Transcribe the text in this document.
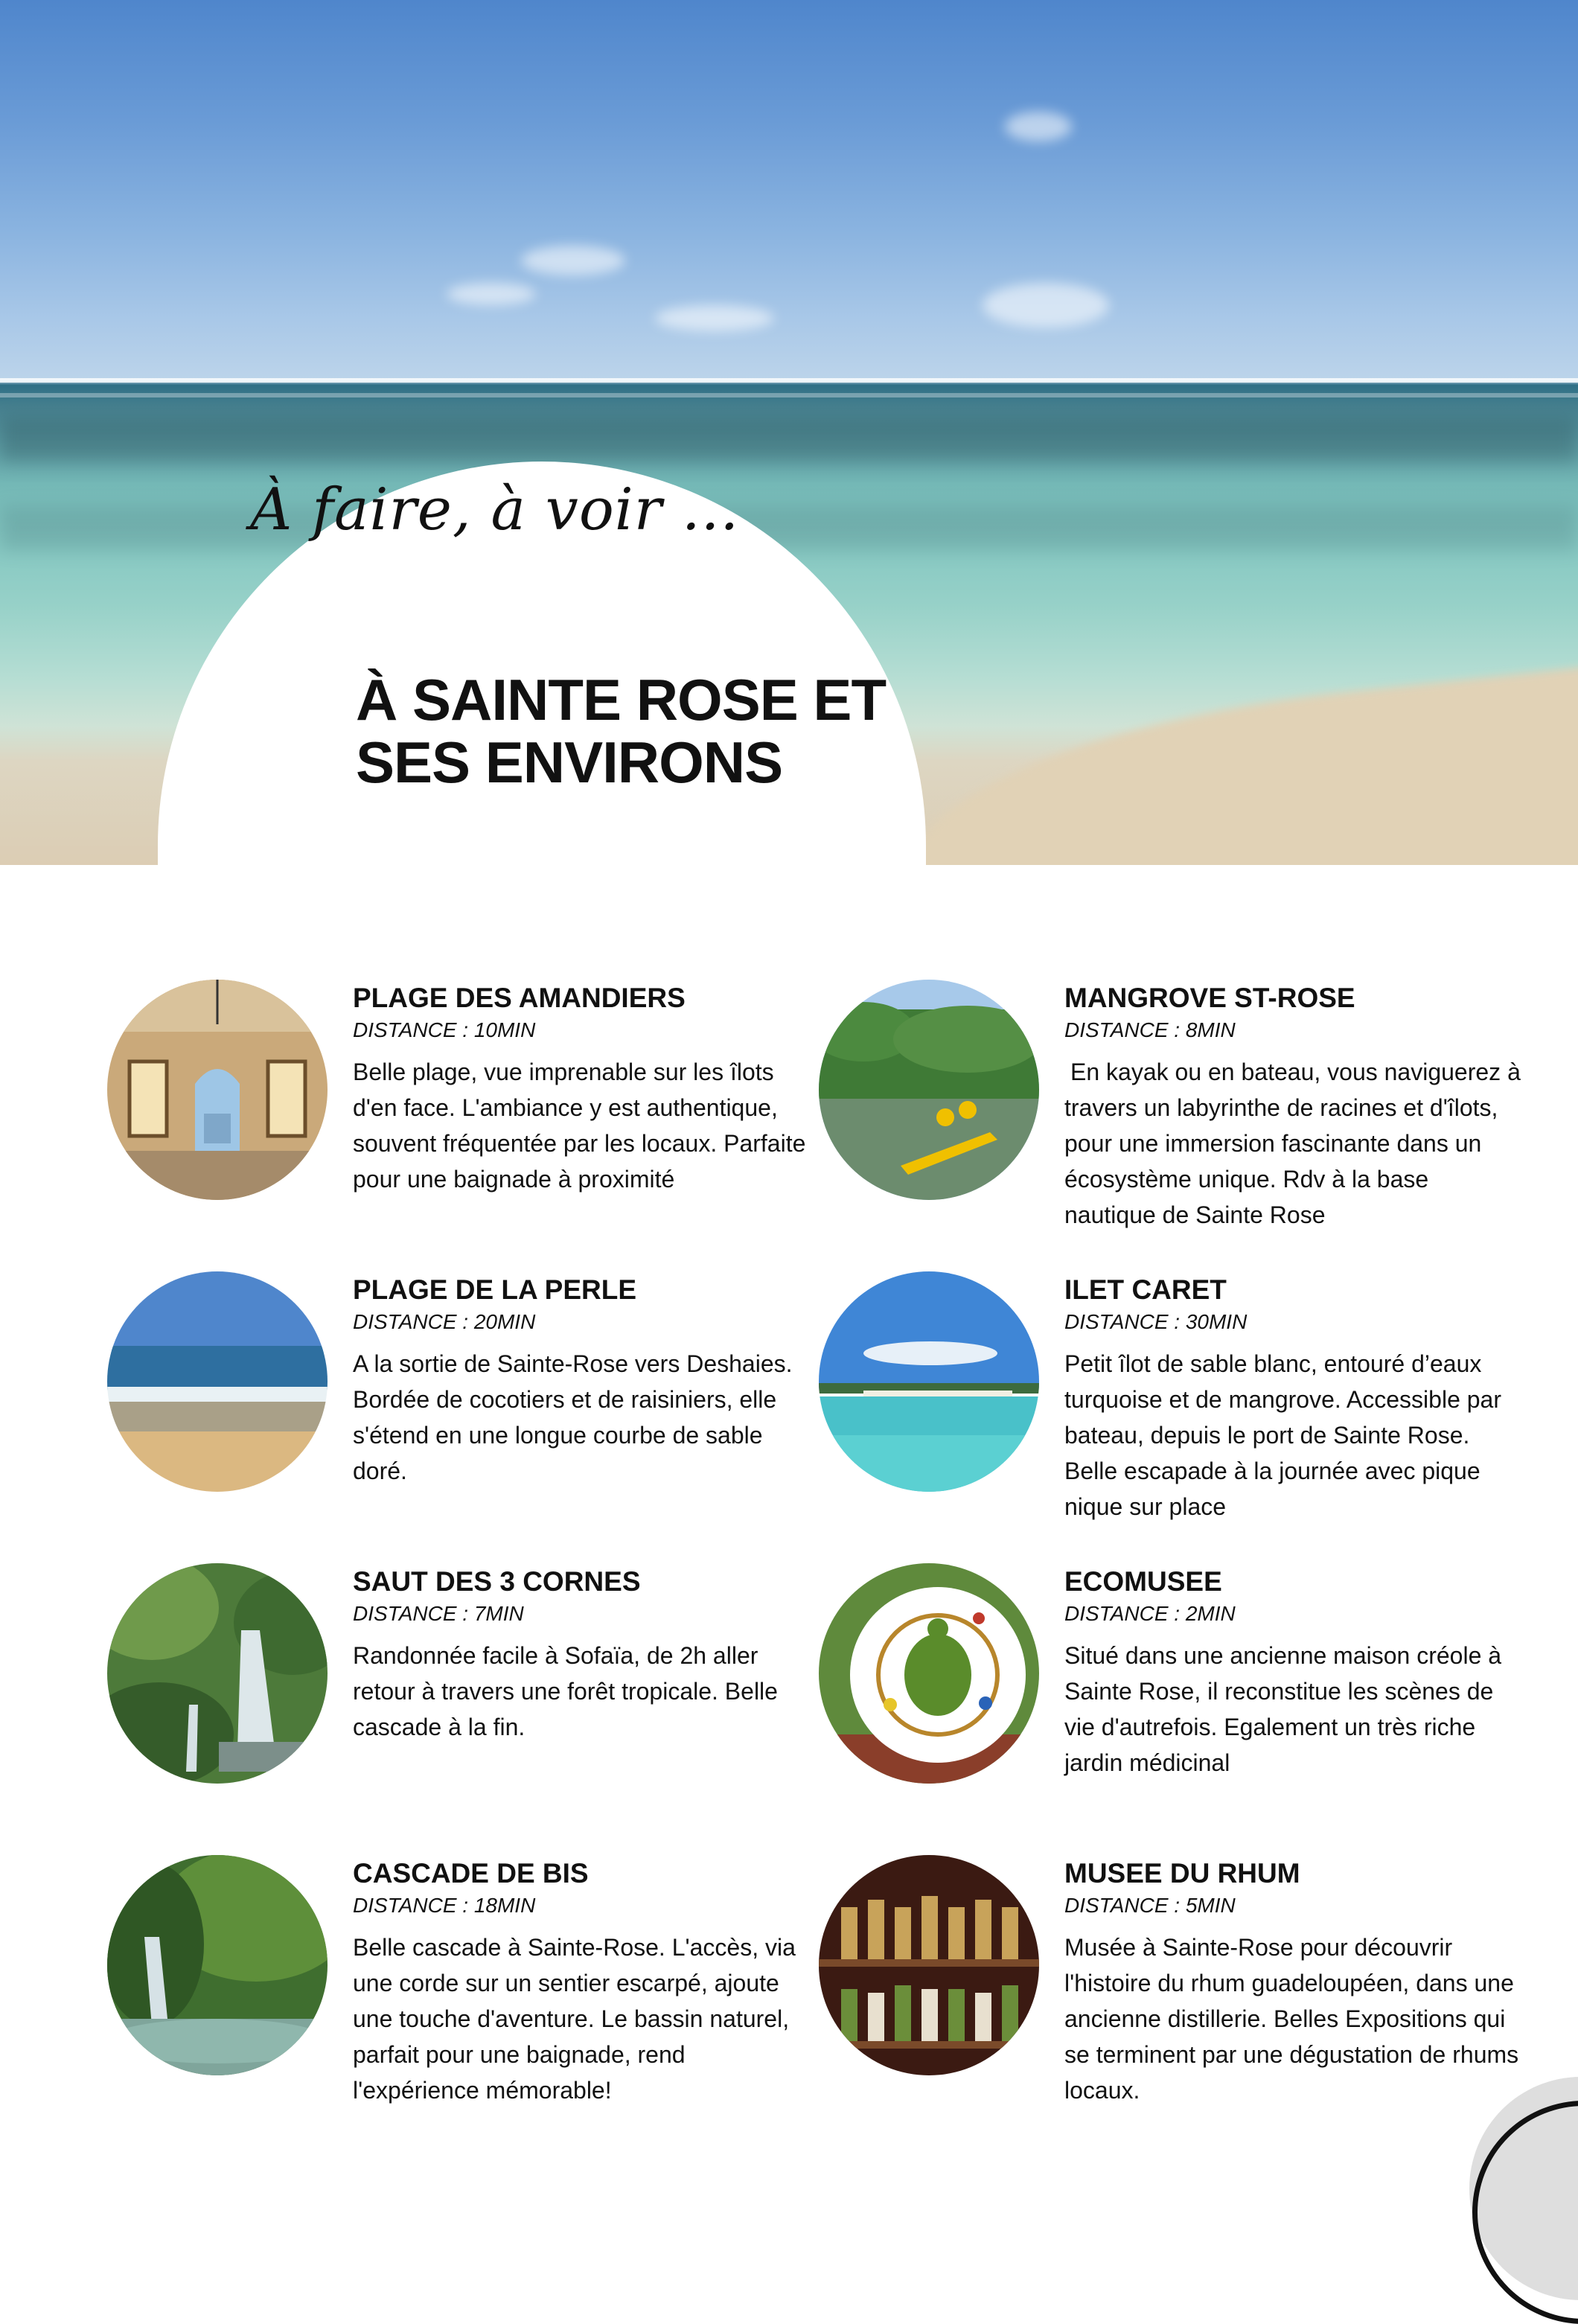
À faire, à voir ...
À SAINTE ROSE ET
SES ENVIRONS
PLAGE DES AMANDIERS

DISTANCE : 10MIN

Belle plage, vue imprenable sur les îlots d'en face. L'ambiance y est authentique, souvent fréquentée par les locaux. Parfaite pour une baignade à proximité

MANGROVE ST-ROSE

DISTANCE : 8MIN

En kayak ou en bateau, vous naviguerez à travers un labyrinthe de racines et d'îlots, pour une immersion fascinante dans un écosystème unique. Rdv à la base nautique de Sainte Rose

PLAGE DE LA PERLE

DISTANCE : 20MIN

A la sortie de Sainte-Rose vers Deshaies. Bordée de cocotiers et de raisiniers, elle s'étend en une longue courbe de sable doré.

ILET CARET

DISTANCE : 30MIN

Petit îlot de sable blanc, entouré d’eaux turquoise et de mangrove. Accessible par bateau, depuis le port de Sainte Rose. Belle escapade à la journée avec pique nique sur place

SAUT DES 3 CORNES

DISTANCE : 7MIN

Randonnée facile à Sofaïa, de 2h aller retour à travers une forêt tropicale. Belle cascade à la fin.

ECOMUSEE

DISTANCE : 2MIN

Situé dans une ancienne maison créole à Sainte Rose, il reconstitue les scènes de vie d'autrefois. Egalement un très riche jardin médicinal

CASCADE DE BIS

DISTANCE : 18MIN

Belle cascade à Sainte-Rose. L'accès, via une corde sur un sentier escarpé, ajoute une touche d'aventure. Le bassin naturel, parfait pour une baignade, rend l'expérience mémorable!

MUSEE DU RHUM

DISTANCE : 5MIN

Musée à Sainte-Rose pour découvrir l'histoire du rhum guadeloupéen, dans une ancienne distillerie. Belles Expositions qui se terminent par une dégustation de rhums locaux.
